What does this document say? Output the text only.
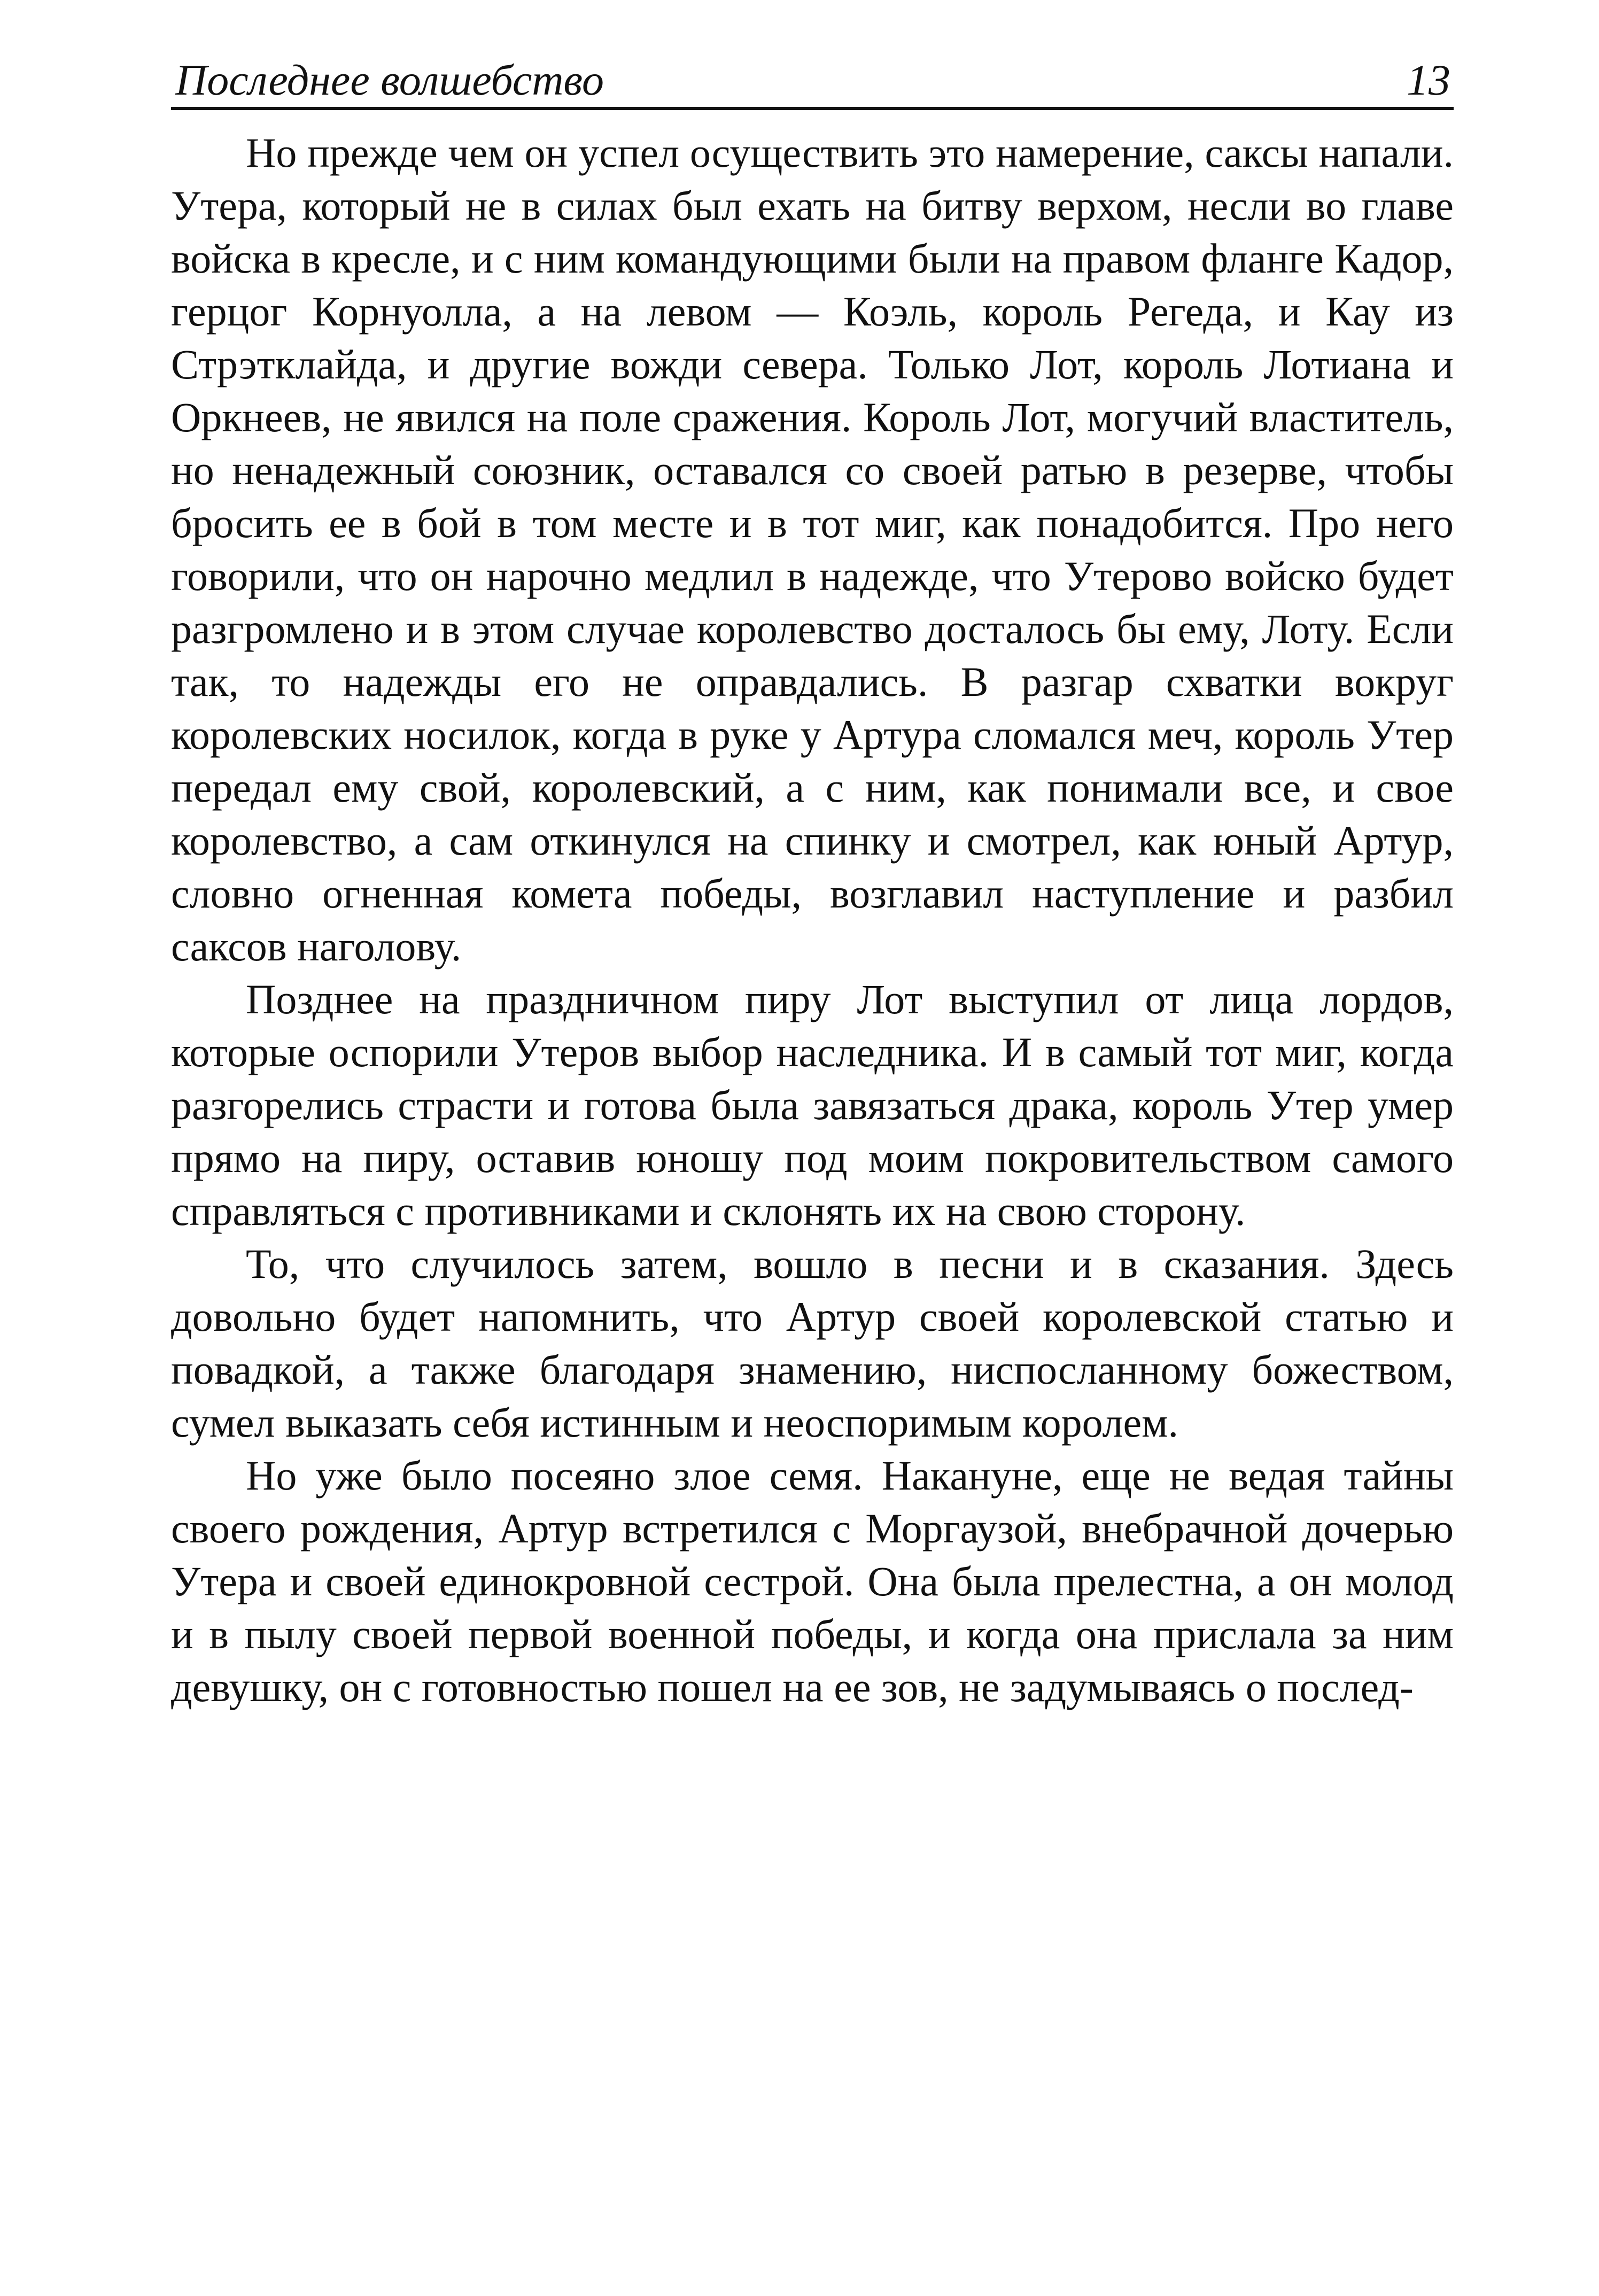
Последнее волшебство	13

Но прежде чем он успел осуществить это намерение, саксы напали. Утера, который не в силах был ехать на битву верхом, несли во главе войска в кресле, и с ним командующими были на правом фланге Кадор, герцог Корнуолла, а на левом — Коэль, король Регеда, и Кау из Стрэтклайда, и другие вожди севера. Только Лот, король Лотиана и Оркнеев, не явился на поле сражения. Король Лот, могучий властитель, но ненадежный союзник, оставался со своей ратью в резерве, чтобы бросить ее в бой в том месте и в тот миг, как понадобится. Про него говорили, что он нарочно медлил в надежде, что Утерово войско будет разгромлено и в этом случае королевство досталось бы ему, Лоту. Если так, то надежды его не оправдались. В разгар схватки вокруг королевских носилок, когда в руке у Артура сломался меч, король Утер передал ему свой, королевский, а с ним, как понимали все, и свое королевство, а сам откинулся на спинку и смотрел, как юный Артур, словно огненная комета победы, возглавил наступление и разбил саксов наголову.

Позднее на праздничном пиру Лот выступил от лица лордов, которые оспорили Утеров выбор наследника. И в самый тот миг, когда разгорелись страсти и готова была завязаться драка, король Утер умер прямо на пиру, оставив юношу под моим покровительством самого справляться с противниками и склонять их на свою сторону.

То, что случилось затем, вошло в песни и в сказания. Здесь довольно будет напомнить, что Артур своей королевской статью и повадкой, а также благодаря знамению, ниспосланному божеством, сумел выказать себя истинным и неоспоримым королем.

Но уже было посеяно злое семя. Накануне, еще не ведая тайны своего рождения, Артур встретился с Моргаузой, внебрачной дочерью Утера и своей единокровной сестрой. Она была прелестна, а он молод и в пылу своей первой военной победы, и когда она прислала за ним девушку, он с готовностью пошел на ее зов, не задумываясь о послед-
